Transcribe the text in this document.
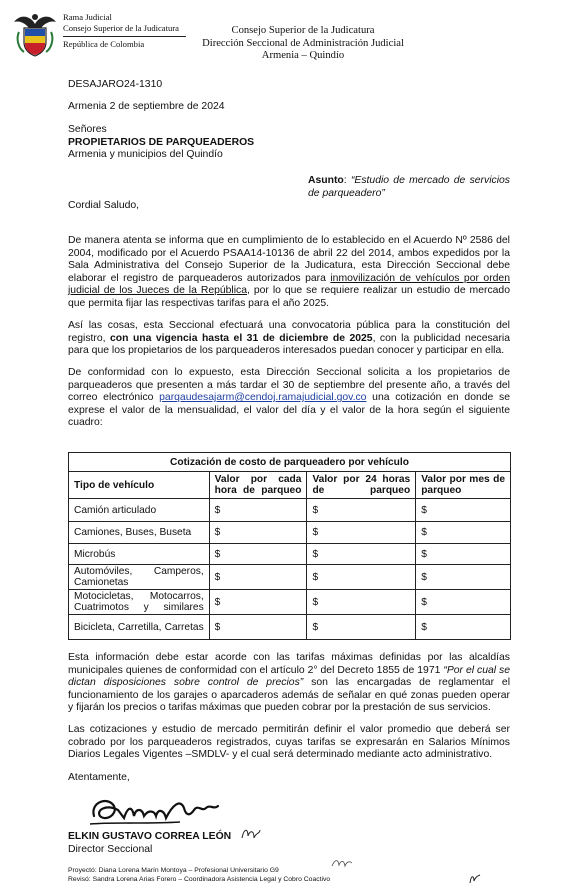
Rama Judicial
Consejo Superior de la Judicatura
República de Colombia
Consejo Superior de la Judicatura
Dirección Seccional de Administración Judicial
Armenia – Quindío
DESAJARO24-1310
Armenia 2 de septiembre de 2024
Señores
PROPIETARIOS DE PARQUEADEROS
Armenia y municipios del Quindío
Asunto: “Estudio de mercado de servicios de parqueadero”
Cordial Saludo,
De manera atenta se informa que en cumplimiento de lo establecido en el Acuerdo Nº 2586 del 2004, modificado por el Acuerdo PSAA14-10136 de abril 22 del 2014, ambos expedidos por la Sala Administrativa del Consejo Superior de la Judicatura, esta Dirección Seccional debe elaborar el registro de parqueaderos autorizados para inmovilización de vehículos por orden judicial de los Jueces de la República, por lo que se requiere realizar un estudio de mercado que permita fijar las respectivas tarifas para el año 2025.
Así las cosas, esta Seccional efectuará una convocatoria pública para la constitución del registro, con una vigencia hasta el 31 de diciembre de 2025, con la publicidad necesaria para que los propietarios de los parqueaderos interesados puedan conocer y participar en ella.
De conformidad con lo expuesto, esta Dirección Seccional solicita a los propietarios de parqueaderos que presenten a más tardar el 30 de septiembre del presente año, a través del correo electrónico parqaudesajarm@cendoj.ramajudicial.gov.co una cotización en donde se exprese el valor de la mensualidad, el valor del día y el valor de la hora según el siguiente cuadro:
Cotización de costo de parqueadero por vehículo			
Tipo de vehículo	Valor por cada hora de parqueo	Valor por 24 horas de parqueo	Valor por mes de parqueo
Camión articulado	$	$	$
Camiones, Buses, Buseta	$	$	$
Microbús	$	$	$
Automóviles, Camperos, Camionetas	$	$	$
Motocicletas, Motocarros, Cuatrimotos y similares	$	$	$
Bicicleta, Carretilla, Carretas	$	$	$
Esta información debe estar acorde con las tarifas máximas definidas por las alcaldías municipales quienes de conformidad con el artículo 2° del Decreto 1855 de 1971 “Por el cual se dictan disposiciones sobre control de precios” son las encargadas de reglamentar el funcionamiento de los garajes o aparcaderos además de señalar en qué zonas pueden operar y fijarán los precios o tarifas máximas que pueden cobrar por la prestación de sus servicios.
Las cotizaciones y estudio de mercado permitirán definir el valor promedio que deberá ser cobrado por los parqueaderos registrados, cuyas tarifas se expresarán en Salarios Mínimos Diarios Legales Vigentes –SMDLV- y el cual será determinado mediante acto administrativo.
Atentamente,
ELKIN GUSTAVO CORREA LEÓN
Director Seccional
Proyectó: Diana Lorena Marín Montoya – Profesional Universitario G9
Revisó: Sandra Lorena Arias Forero – Coordinadora Asistencia Legal y Cobro Coactivo
